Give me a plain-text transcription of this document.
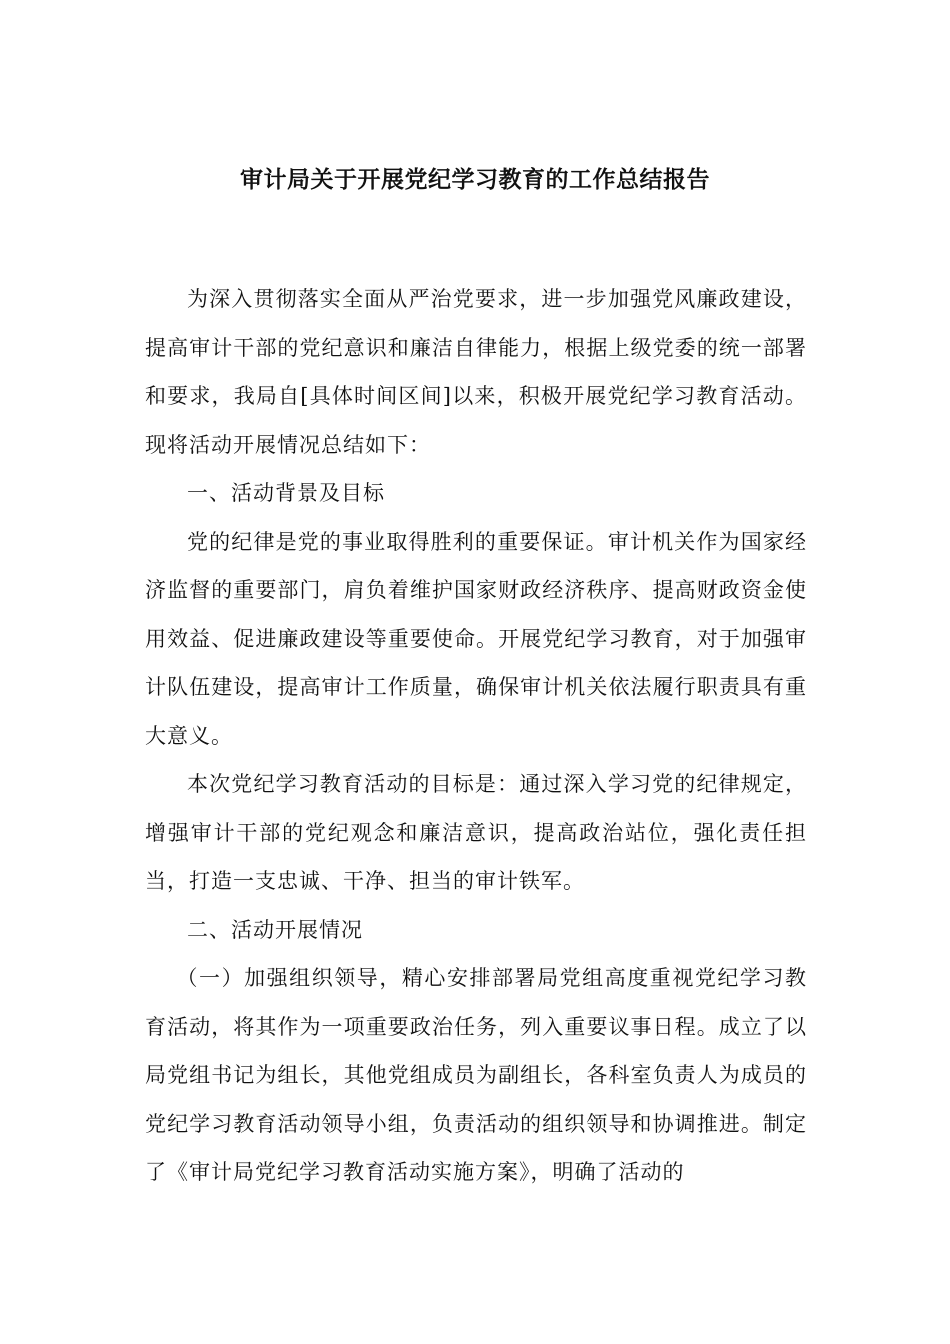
审计局关于开展党纪学习教育的工作总结报告

为深入贯彻落实全面从严治党要求，进一步加强党风廉政建设，提高审计干部的党纪意识和廉洁自律能力，根据上级党委的统一部署和要求，我局自[具体时间区间]以来，积极开展党纪学习教育活动。现将活动开展情况总结如下：

一、活动背景及目标

党的纪律是党的事业取得胜利的重要保证。审计机关作为国家经济监督的重要部门，肩负着维护国家财政经济秩序、提高财政资金使用效益、促进廉政建设等重要使命。开展党纪学习教育，对于加强审计队伍建设，提高审计工作质量，确保审计机关依法履行职责具有重大意义。

本次党纪学习教育活动的目标是：通过深入学习党的纪律规定，增强审计干部的党纪观念和廉洁意识，提高政治站位，强化责任担当，打造一支忠诚、干净、担当的审计铁军。

二、活动开展情况

（一）加强组织领导，精心安排部署局党组高度重视党纪学习教育活动，将其作为一项重要政治任务，列入重要议事日程。成立了以局党组书记为组长，其他党组成员为副组长，各科室负责人为成员的党纪学习教育活动领导小组，负责活动的组织领导和协调推进。制定了《审计局党纪学习教育活动实施方案》，明确了活动的
